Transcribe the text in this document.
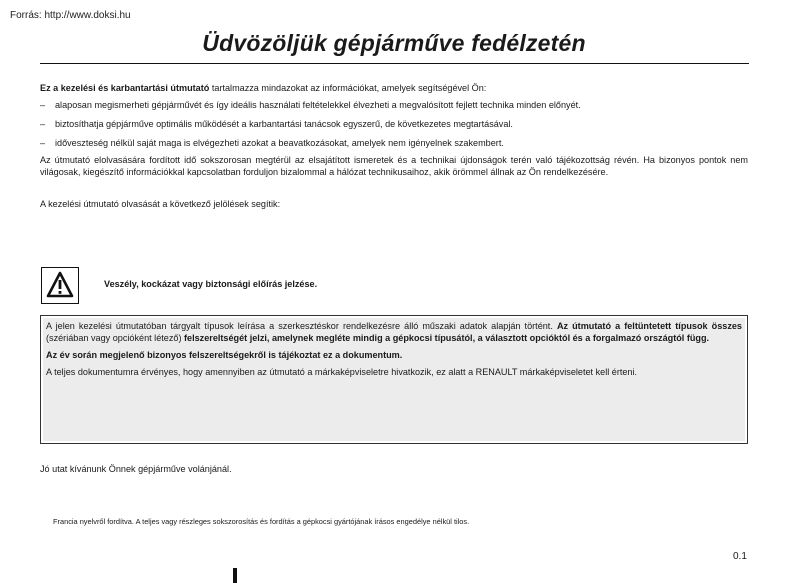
Forrás: http://www.doksi.hu
Üdvözöljük gépjárműve fedélzetén
Ez a kezelési és karbantartási útmutató tartalmazza mindazokat az információkat, amelyek segítségével Ön:
– alaposan megismerheti gépjárművét és így ideális használati feltételekkel élvezheti a megvalósított fejlett technika minden előnyét.
– biztosíthatja gépjárműve optimális működését a karbantartási tanácsok egyszerű, de következetes megtartásával.
– időveszteség nélkül saját maga is elvégezheti azokat a beavatkozásokat, amelyek nem igényelnek szakembert.
Az útmutató elolvasására fordított idő sokszorosan megtérül az elsajátított ismeretek és a technikai újdonságok terén való tájékozottság révén. Ha bizonyos pontok nem világosak, kiegészítő információkkal kapcsolatban forduljon bizalommal a hálózat technikusaihoz, akik örömmel állnak az Ön rendelkezésére.
A kezelési útmutató olvasását a következő jelölések segítik:
Veszély, kockázat vagy biztonsági előírás jelzése.

A jelen kezelési útmutatóban tárgyalt típusok leírása a szerkesztéskor rendelkezésre álló műszaki adatok alapján történt. Az útmutató a feltüntetett típusok összes (szériában vagy opcióként létező) felszereltségét jelzi, amelynek megléte mindig a gépkocsi típusától, a választott opcióktól és a forgalmazó országtól függ.

Az év során megjelenő bizonyos felszereltségekről is tájékoztat ez a dokumentum.

A teljes dokumentumra érvényes, hogy amennyiben az útmutató a márkaképviseletre hivatkozik, ez alatt a RENAULT márkaképviseletet kell érteni.

Jó utat kívánunk Önnek gépjárműve volánjánál.
Francia nyelvről fordítva. A teljes vagy részleges sokszorosítás és fordítás a gépkocsi gyártójának írásos engedélye nélkül tilos.
0.1
